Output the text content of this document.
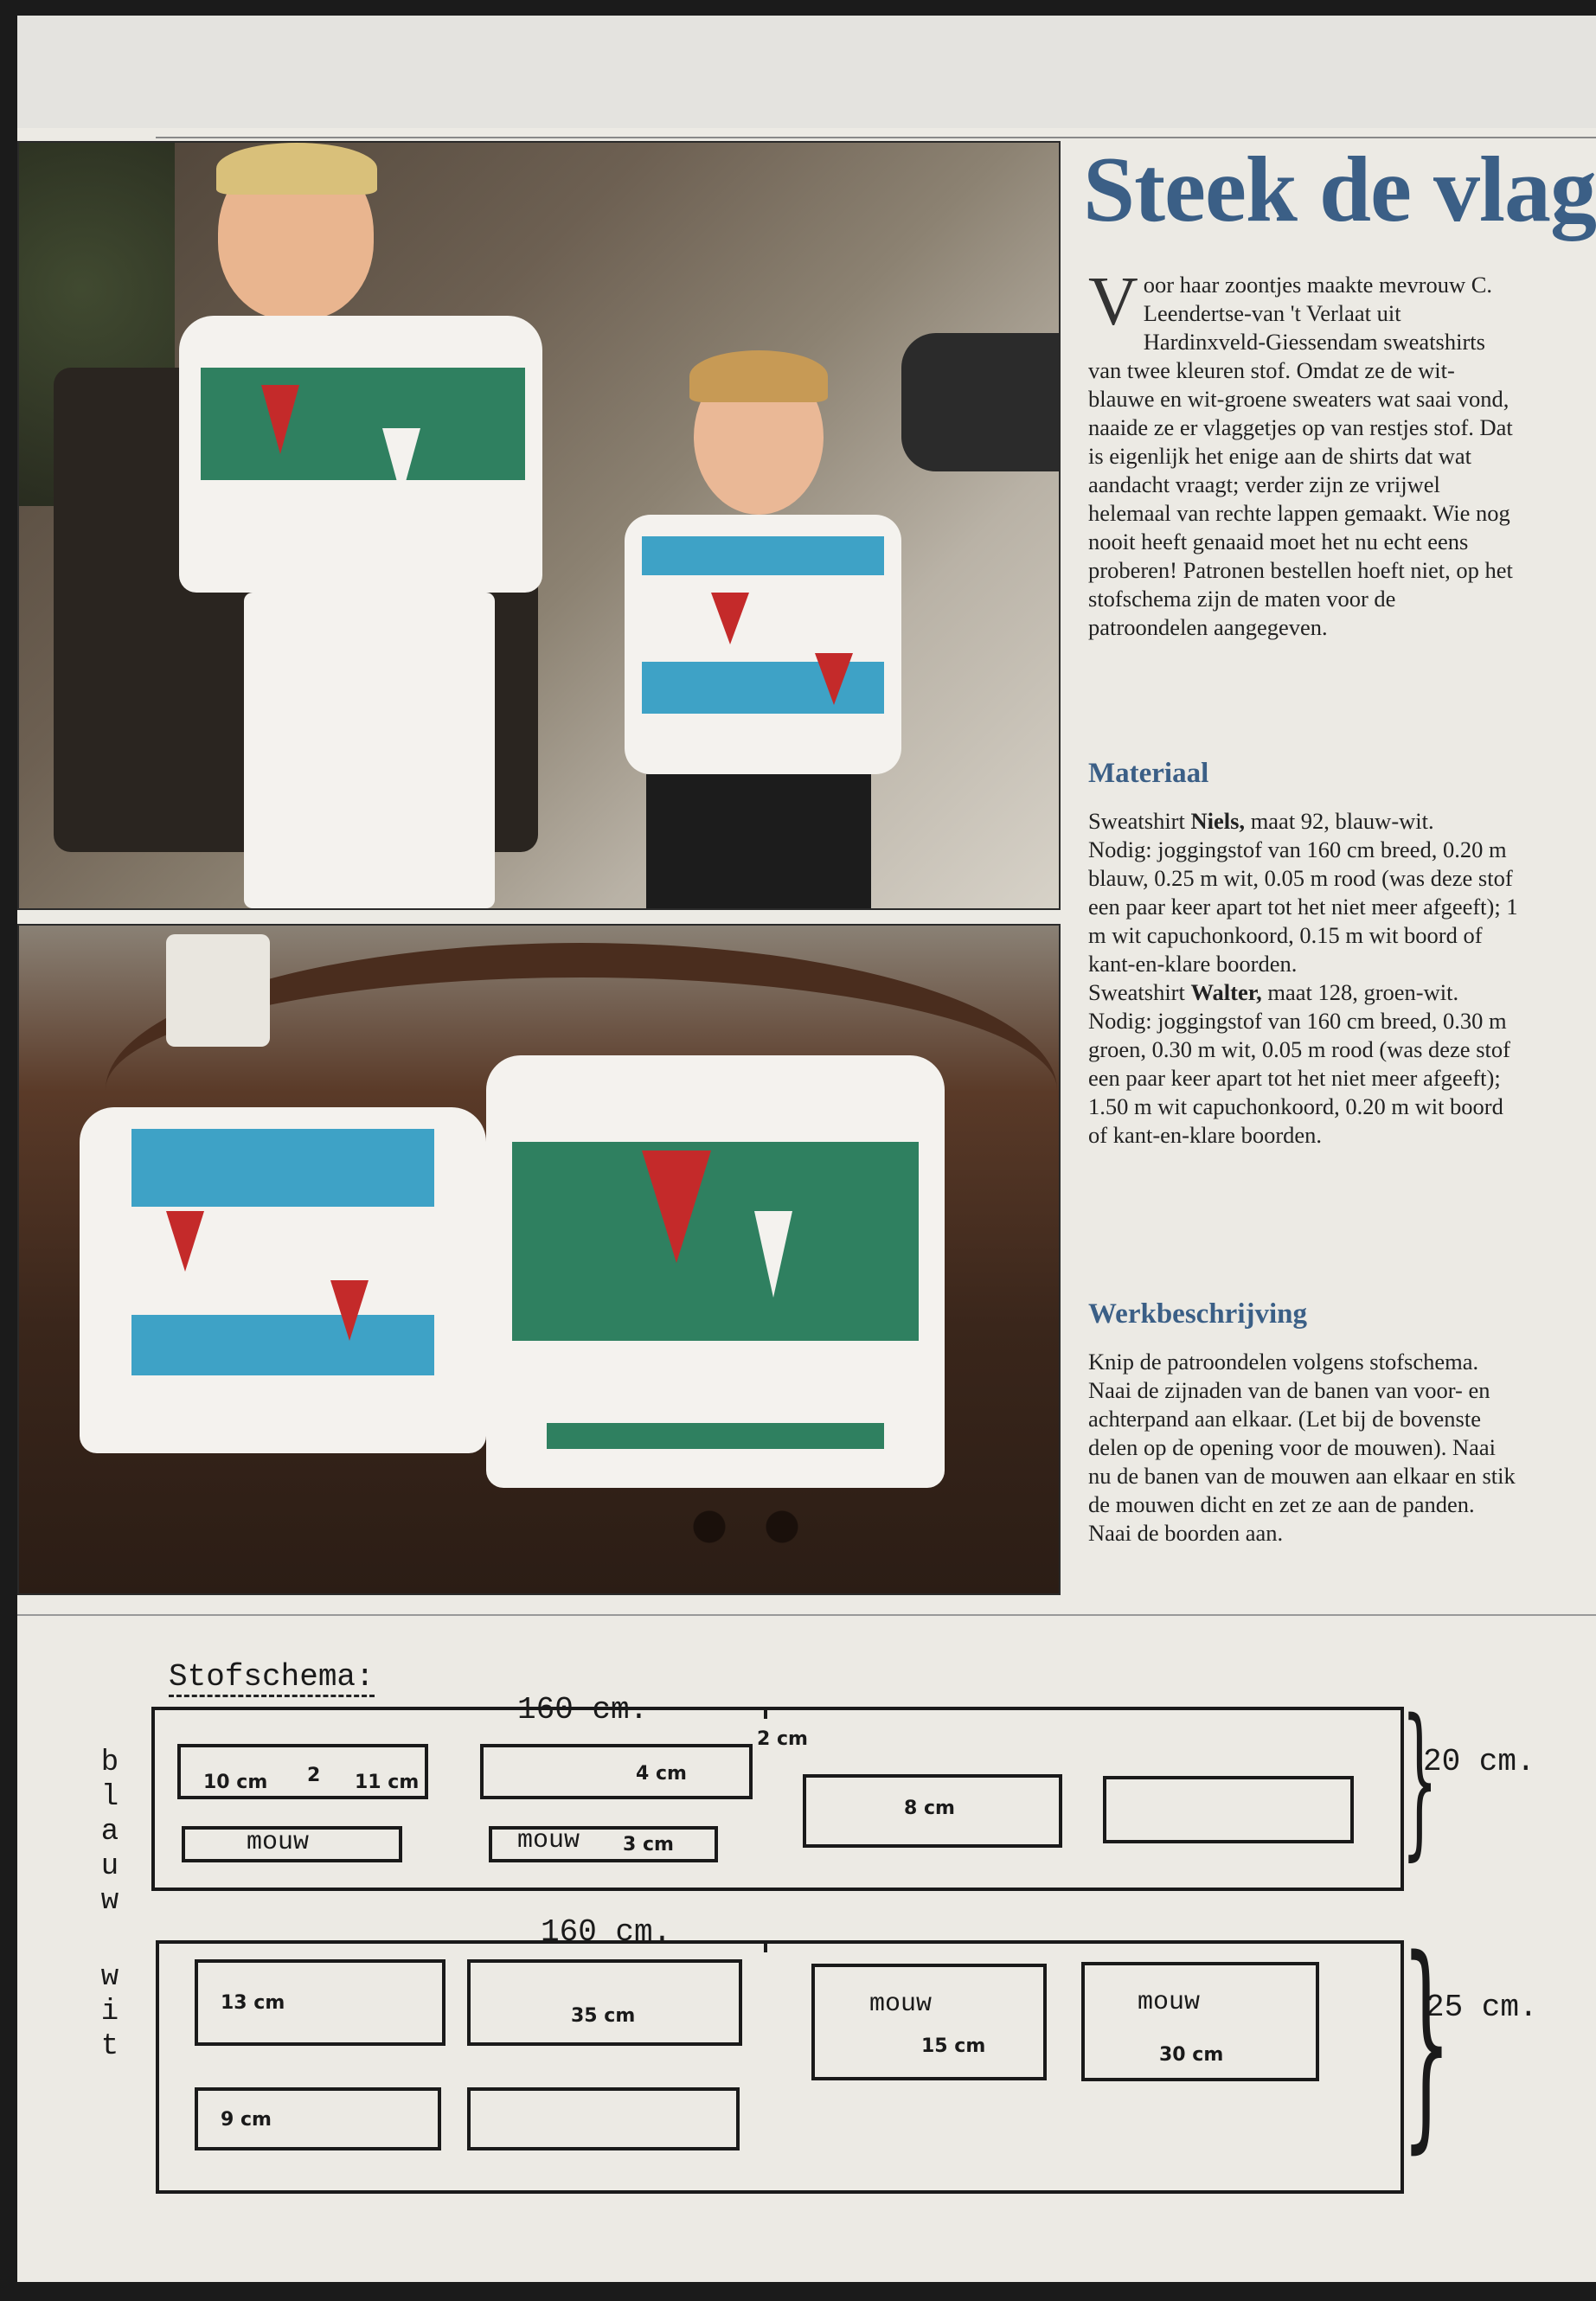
Steek de vlag
Voor haar zoontjes maakte mevrouw C. Leendertse-van 't Verlaat uit Hardinxveld-Giessendam sweatshirts van twee kleuren stof. Omdat ze de wit-blauwe en wit-groene sweaters wat saai vond, naaide ze er vlaggetjes op van restjes stof. Dat is eigenlijk het enige aan de shirts dat wat aandacht vraagt; verder zijn ze vrijwel helemaal van rechte lappen gemaakt. Wie nog nooit heeft genaaid moet het nu echt eens proberen! Patronen bestellen hoeft niet, op het stofschema zijn de maten voor de patroondelen aangegeven.
Materiaal

Sweatshirt Niels, maat 92, blauw-wit.

Nodig: joggingstof van 160 cm breed, 0.20 m blauw, 0.25 m wit, 0.05 m rood (was deze stof een paar keer apart tot het niet meer afgeeft); 1 m wit capuchonkoord, 0.15 m wit boord of kant-en-klare boorden.

Sweatshirt Walter, maat 128, groen-wit.

Nodig: joggingstof van 160 cm breed, 0.30 m groen, 0.30 m wit, 0.05 m rood (was deze stof een paar keer apart tot het niet meer afgeeft); 1.50 m wit capuchonkoord, 0.20 m wit boord of kant-en-klare boorden.

Werkbeschrijving
Knip de patroondelen volgens stofschema. Naai de zijnaden van de banen van voor- en achterpand aan elkaar. (Let bij de bovenste delen op de opening voor de mouwen). Naai nu de banen van de mouwen aan elkaar en stik de mouwen dicht en zet ze aan de panden. Naai de boorden aan.
Stofschema:
160 cm.
160 cm.
b
l
a
u
w
w
i
t
}
20 cm.
10 cm 2 11 cm
2 cm
4 cm
8 cm
mouw	mouw 3 cm
}
25 cm.
13 cm
35 cm	mouw
15 cm
mouw
30 cm
9 cm
